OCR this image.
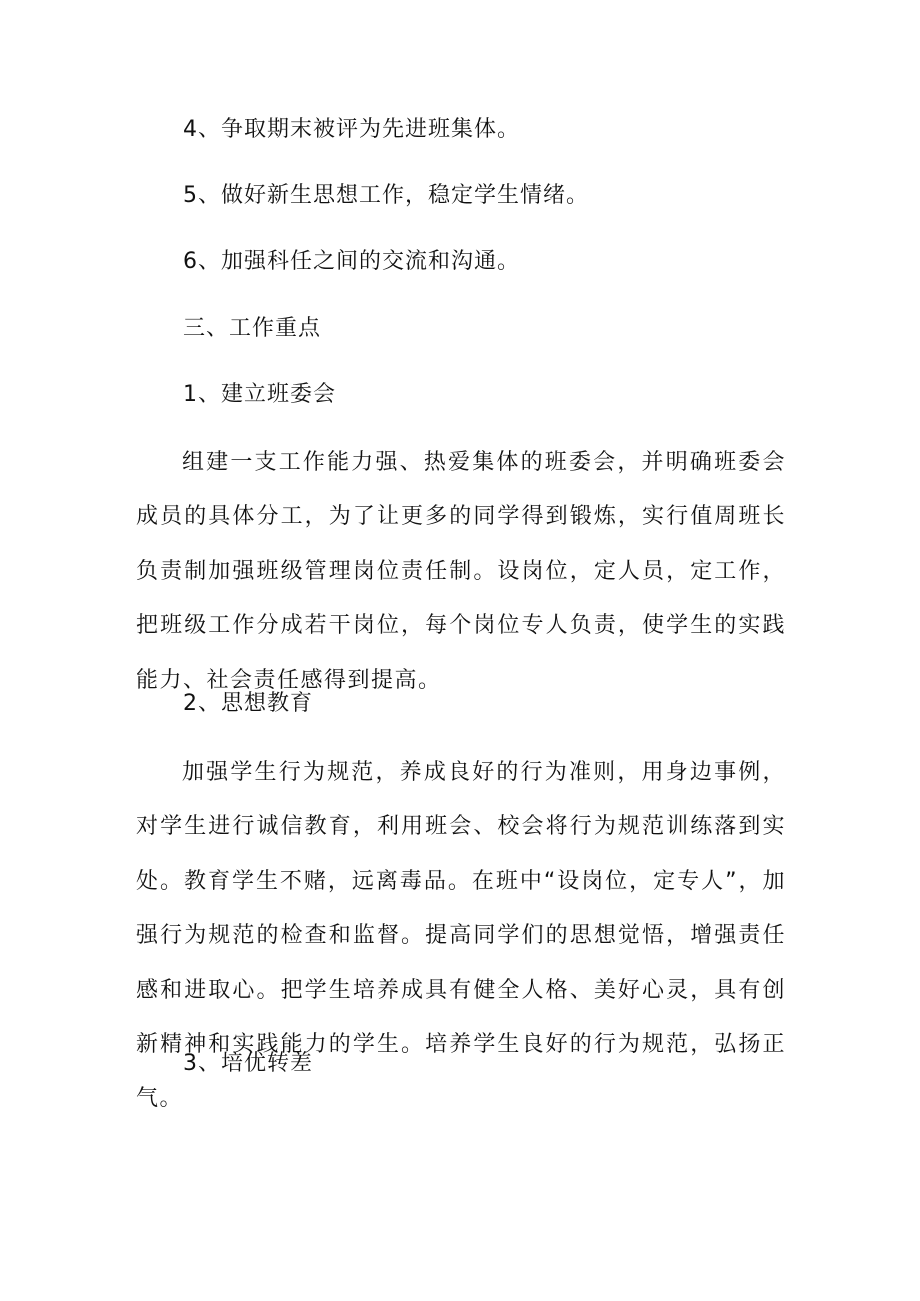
4、争取期末被评为先进班集体。
5、做好新生思想工作，稳定学生情绪。
6、加强科任之间的交流和沟通。
三、工作重点
1、建立班委会
组建一支工作能力强、热爱集体的班委会，并明确班委会成员的具体分工，为了让更多的同学得到锻炼，实行值周班长负责制加强班级管理岗位责任制。设岗位，定人员，定工作，把班级工作分成若干岗位，每个岗位专人负责，使学生的实践能力、社会责任感得到提高。
2、思想教育
加强学生行为规范，养成良好的行为准则，用身边事例，对学生进行诚信教育，利用班会、校会将行为规范训练落到实处。教育学生不赌，远离毒品。在班中“设岗位，定专人”，加强行为规范的检查和监督。提高同学们的思想觉悟，增强责任感和进取心。把学生培养成具有健全人格、美好心灵，具有创新精神和实践能力的学生。培养学生良好的行为规范，弘扬正气。
3、培优转差
